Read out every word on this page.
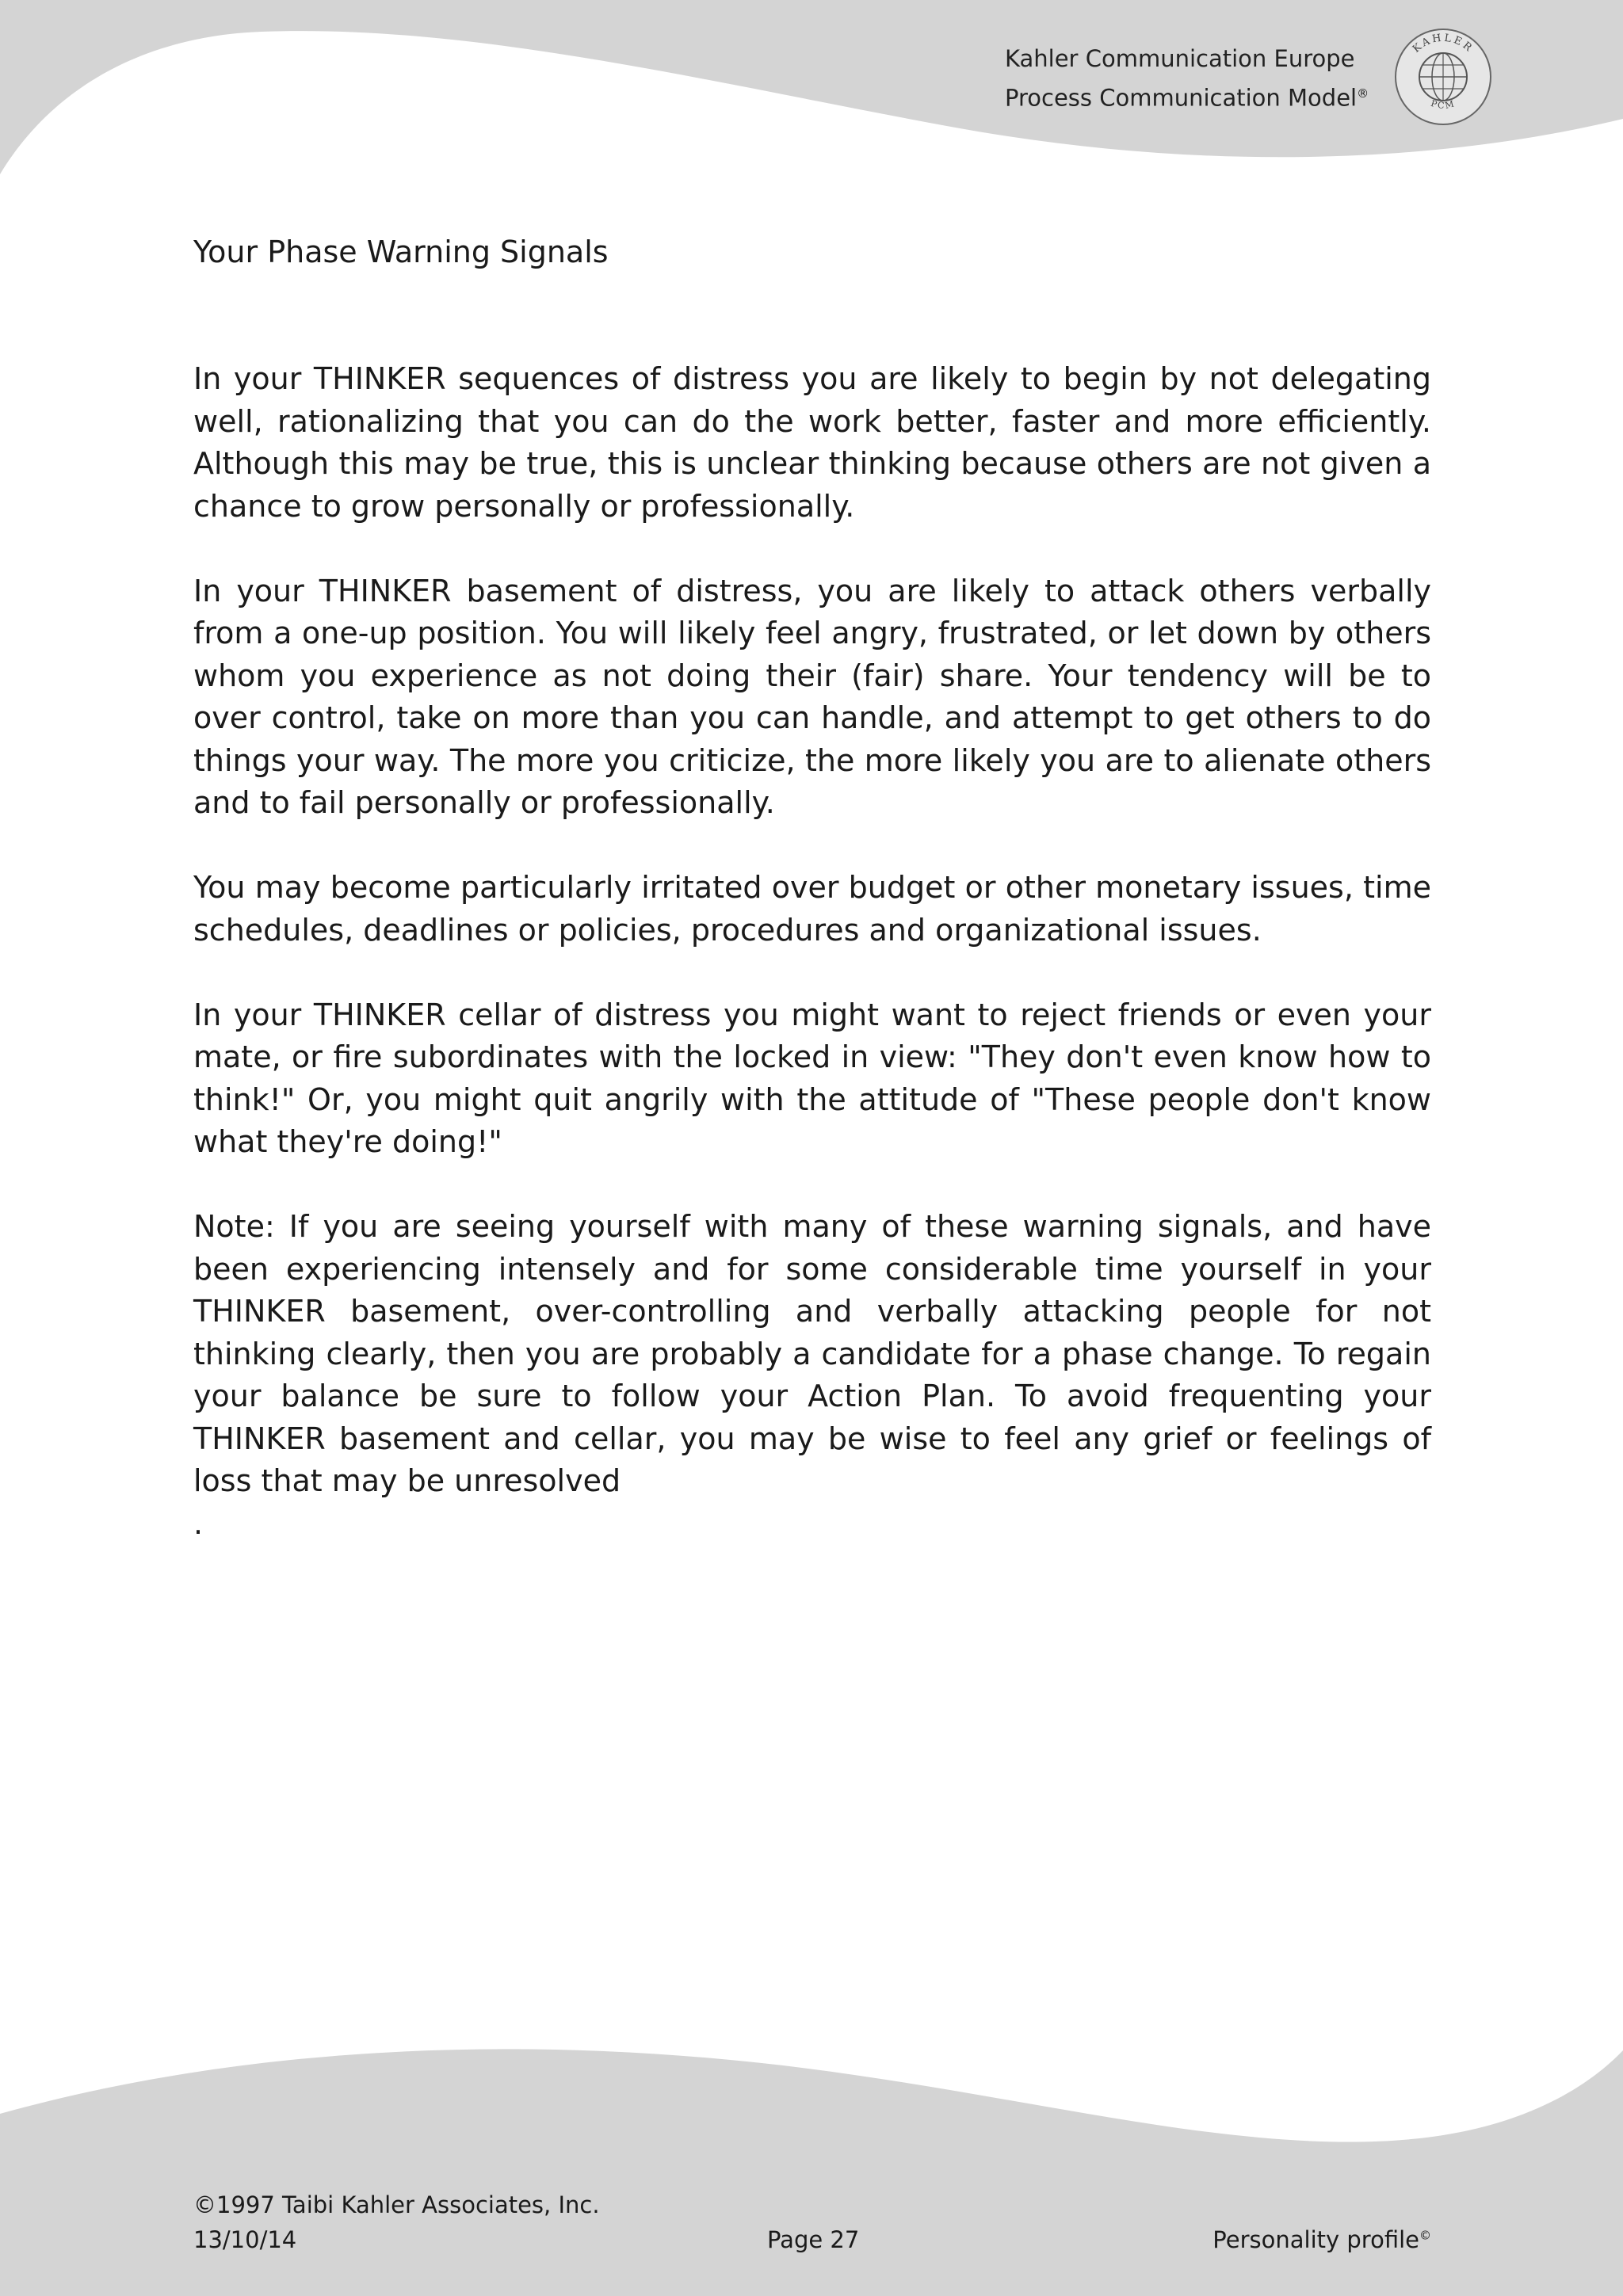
Kahler Communication Europe
Process Communication Model®
KAHLER
PCM
Your Phase Warning Signals

In your THINKER sequences of distress you are likely to begin by not delegating well, rationalizing that you can do the work better, faster and more efficiently. Although this may be true, this is unclear thinking because others are not given a chance to grow personally or professionally.

In your THINKER basement of distress, you are likely to attack others verbally from a one-up position. You will likely feel angry, frustrated, or let down by others whom you experience as not doing their (fair) share. Your tendency will be to over control, take on more than you can handle, and attempt to get others to do things your way. The more you criticize, the more likely you are to alienate others and to fail personally or professionally.

You may become particularly irritated over budget or other monetary issues, time schedules, deadlines or policies, procedures and organizational issues.

In your THINKER cellar of distress you might want to reject friends or even your mate, or fire subordinates with the locked in view: "They don't even know how to think!" Or, you might quit angrily with the attitude of "These people don't know what they're doing!"

Note: If you are seeing yourself with many of these warning signals, and have been experiencing intensely and for some considerable time yourself in your THINKER basement, over-controlling and verbally attacking people for not thinking clearly, then you are probably a candidate for a phase change. To regain your balance be sure to follow your Action Plan. To avoid frequenting your THINKER basement and cellar, you may be wise to feel any grief or feelings of loss that may be unresolved

.

©1997 Taibi Kahler Associates, Inc.
13/10/14	Page 27	Personality profile©
